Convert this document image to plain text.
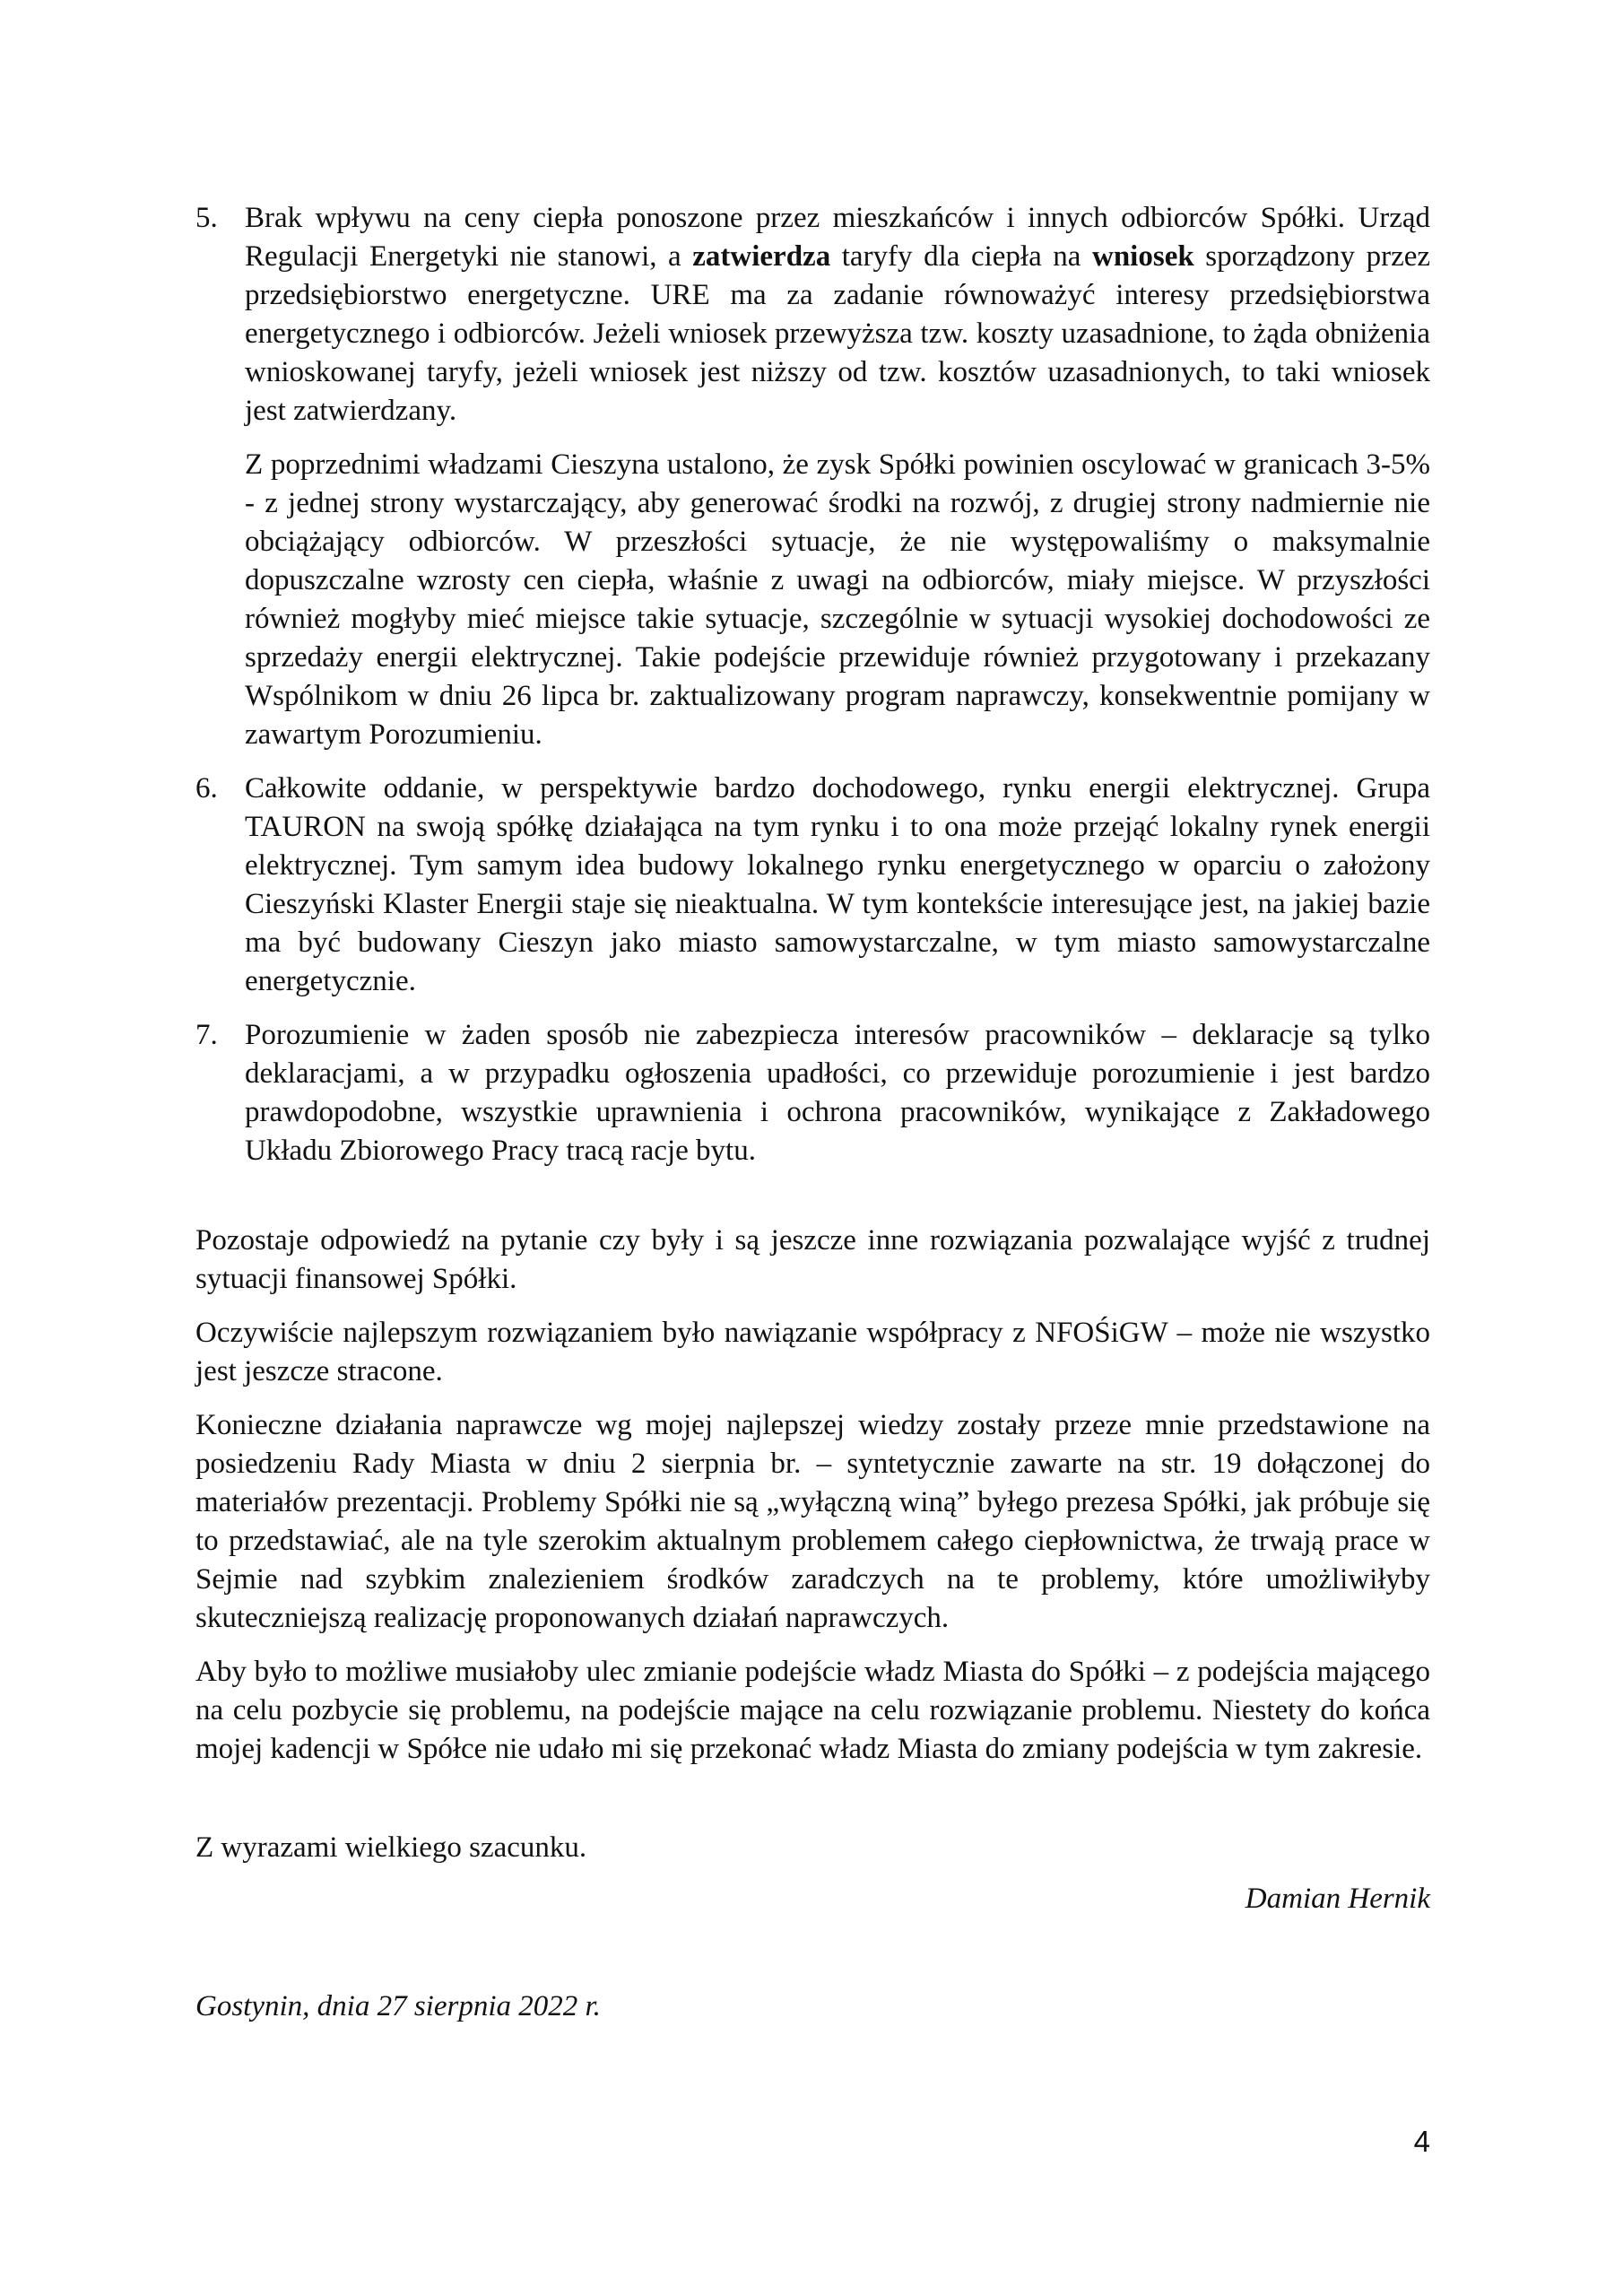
5. Brak wpływu na ceny ciepła ponoszone przez mieszkańców i innych odbiorców Spółki. Urząd Regulacji Energetyki nie stanowi, a zatwierdza taryfy dla ciepła na wniosek sporządzony przez przedsiębiorstwo energetyczne. URE ma za zadanie równoważyć interesy przedsiębiorstwa energetycznego i odbiorców. Jeżeli wniosek przewyższa tzw. koszty uzasadnione, to żąda obniżenia wnioskowanej taryfy, jeżeli wniosek jest niższy od tzw. kosztów uzasadnionych, to taki wniosek jest zatwierdzany.

Z poprzednimi władzami Cieszyna ustalono, że zysk Spółki powinien oscylować w granicach 3-5% - z jednej strony wystarczający, aby generować środki na rozwój, z drugiej strony nadmiernie nie obciążający odbiorców. W przeszłości sytuacje, że nie występowaliśmy o maksymalnie dopuszczalne wzrosty cen ciepła, właśnie z uwagi na odbiorców, miały miejsce. W przyszłości również mogłyby mieć miejsce takie sytuacje, szczególnie w sytuacji wysokiej dochodowości ze sprzedaży energii elektrycznej. Takie podejście przewiduje również przygotowany i przekazany Wspólnikom w dniu 26 lipca br. zaktualizowany program naprawczy, konsekwentnie pomijany w zawartym Porozumieniu.

6. Całkowite oddanie, w perspektywie bardzo dochodowego, rynku energii elektrycznej. Grupa TAURON na swoją spółkę działająca na tym rynku i to ona może przejąć lokalny rynek energii elektrycznej. Tym samym idea budowy lokalnego rynku energetycznego w oparciu o założony Cieszyński Klaster Energii staje się nieaktualna. W tym kontekście interesujące jest, na jakiej bazie ma być budowany Cieszyn jako miasto samowystarczalne, w tym miasto samowystarczalne energetycznie.

7. Porozumienie w żaden sposób nie zabezpiecza interesów pracowników – deklaracje są tylko deklaracjami, a w przypadku ogłoszenia upadłości, co przewiduje porozumienie i jest bardzo prawdopodobne, wszystkie uprawnienia i ochrona pracowników, wynikające z Zakładowego Układu Zbiorowego Pracy tracą racje bytu.

Pozostaje odpowiedź na pytanie czy były i są jeszcze inne rozwiązania pozwalające wyjść z trudnej sytuacji finansowej Spółki.

Oczywiście najlepszym rozwiązaniem było nawiązanie współpracy z NFOŚiGW – może nie wszystko jest jeszcze stracone.

Konieczne działania naprawcze wg mojej najlepszej wiedzy zostały przeze mnie przedstawione na posiedzeniu Rady Miasta w dniu 2 sierpnia br. – syntetycznie zawarte na str. 19 dołączonej do materiałów prezentacji. Problemy Spółki nie są „wyłączną winą” byłego prezesa Spółki, jak próbuje się to przedstawiać, ale na tyle szerokim aktualnym problemem całego ciepłownictwa, że trwają prace w Sejmie nad szybkim znalezieniem środków zaradczych na te problemy, które umożliwiłyby skuteczniejszą realizację proponowanych działań naprawczych.

Aby było to możliwe musiałoby ulec zmianie podejście władz Miasta do Spółki – z podejścia mającego na celu pozbycie się problemu, na podejście mające na celu rozwiązanie problemu. Niestety do końca mojej kadencji w Spółce nie udało mi się przekonać władz Miasta do zmiany podejścia w tym zakresie.

Z wyrazami wielkiego szacunku.

Damian Hernik

Gostynin, dnia 27 sierpnia 2022 r.

4
